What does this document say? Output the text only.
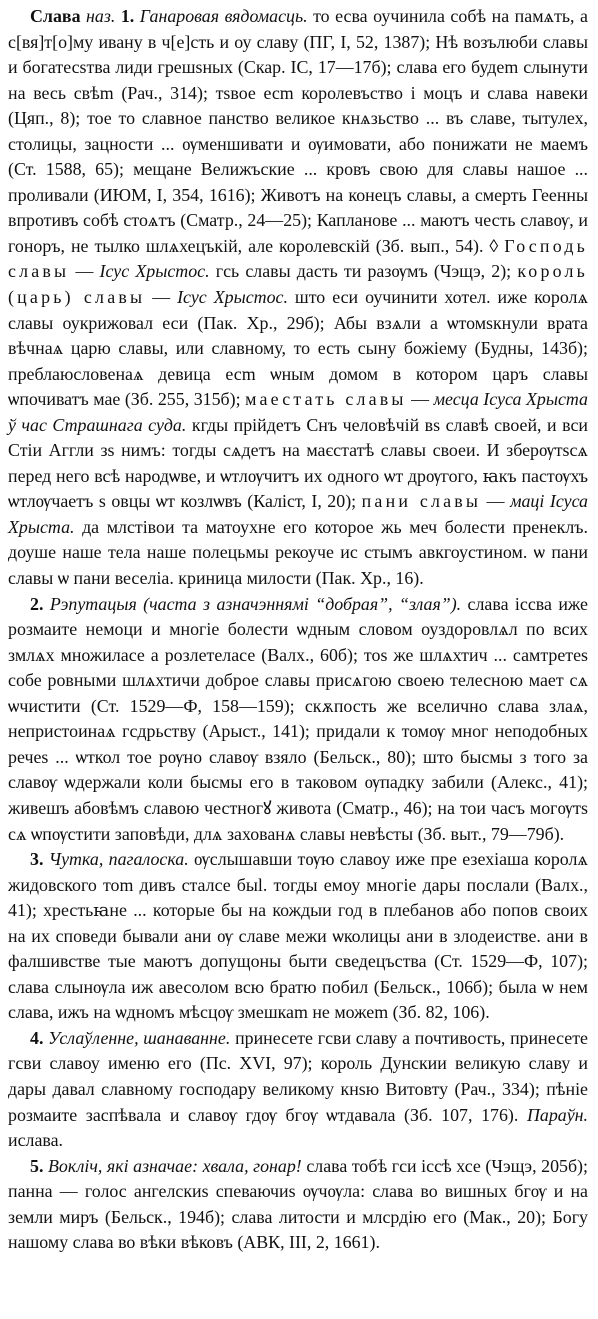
Слава наз. 1. Ганаровая вядомасць. то есва оучинила собѣ на памѧть, а с[вя]т[о]му ивану в ч[е]сть и оу славу (ПГ, I, 52, 1387); Нѣ возълюби славы и богатесѕтва лиди грешѕных (Скар. IС, 17—17б); слава его будеm слынути на весь свѣm (Рач., 314); тѕвое есm королевъство і моцъ и слава навеки (Цяп., 8); тое то славное панство великое кнѧзьство ... въ славе, тытулех, столицы, зацности ... ѹменшивати и ѹимовати, або понижати не маемъ (Ст. 1588, 65); мещане Велижъские ... кровъ свою для славы нашое ... проливали (ИЮМ, I, 354, 1616); Животъ на конецъ славы, а смерть Геенны впротивъ собѣ стоѧтъ (Сматр., 24—25); Капланове ... маютъ честь славѹ, и гоноръ, не тылко шлѧхецъкій, але королевскій (Зб. вып., 54). ◊ Господь славы — Ісус Хрыстос. гсь славы дасть ти разѹмъ (Чэщэ, 2); король (царь) славы — Ісус Хрыстос. што еси оучинити хотел. иже королѧ славы оукрижовал еси (Пак. Хр., 29б); Абы взѧли а ѡтомѕкнули врата вѣчнаѧ царю славы, или славному, то есть сыну божіему (Будны, 143б); преблаюсловенаѧ девица есm ѡным домом в котором царъ славы ѡпочиватъ мае (Зб. 255, 315б); маестать славы — месца Ісуса Хрыста ў час Страшнага суда. кгды прійдетъ Снъ человѣчій вѕ славѣ своей, и вси Стіи Аггли зѕ нимъ: тогды сѧдетъ на маєстатѣ славы своеи. И зберѹтѕсѧ перед него всѣ народѡве, и ѡтлѹчитъ их одного ѡт дрѹгого, ꙗкъ пастѹхъ ѡтлѹчаетъ ѕ овцы ѡт козлѡвъ (Каліст, I, 20); пани славы — маці Ісуса Хрыста. да млстівои та матоухне его которое жь меч болести пренеклъ. доуше наше тела наше полецьмы рекоуче ис стымъ авкгоустином. ѡ пани славы ѡ пани веселіа. криница милости (Пак. Хр., 16).

2. Рэпутацыя (часта з азначэннямі “добрая”, “злая”). слава ісcва иже розмаите немоци и многіе болести ѡдным словом оуздоровлѧл по всих змлѧх множиласе а розлетеласе (Валх., 60б); тоѕ же шлѧхтич ... самтретеѕ собе ровными шлѧхтичи доброе славы присѧгою своею телесною мает сѧ ѡчистити (Ст. 1529—Ф, 158—159); скѫпость же вселично слава злаѧ, непристоинаѧ гсдрьству (Арыст., 141); придали к томѹ мног неподобных речеѕ ... ѡткол тое рѹно славѹ взяло (Бельск., 80); што бысмы з того за славѹ ѡдержали коли бысмы его в таковом ѹпадку забили (Алекс., 41); живешъ абовѣмъ славою честногꙋ живота (Сматр., 46); на тои часъ могѹтѕ сѧ ѡпѹстити заповѣди, длѧ захованѧ славы невѣсты (Зб. выт., 79—79б).

3. Чутка, пагалоска. ѹслышавши тѹю славоу иже пре езехіаша королѧ жидовского тоm дивъ сталсе быl. тогды емоу многіе дары послали (Валх., 41); хрестьꙗне ... которые бы на кождыи год в плебанов або попов своих на их споведи бывали ани ѹ славе межи ѡколицы ани в злодеистве. ани в фалшивстве тые маютъ допущоны быти сведецъства (Ст. 1529—Ф, 107); слава слынѹла иж авесолом всю братю побил (Бельск., 106б); была ѡ нем слава, ижъ на ѡдномъ мѣсцѹ змешкаm не можеm (Зб. 82, 106).

4. Услаўленне, шанаванне. принесете гсви славу а почтивость, принесете гсви славоу именю его (Пс. XVI, 97); король Дунскии великую славу и дары давал славному господару великому кнѕю Витовту (Рач., 334); пѣніе розмаите заспѣвала и славѹ гдѹ бгѹ ѡтдавала (Зб. 107, 176). Параўн. ислава.

5. Вокліч, які азначае: хвала, гонар! слава тобѣ гси ісcѣ хсе (Чэщэ, 205б); панна — голос ангелскиѕ спеваючиѕ ѹчѹла: слава во вишных бгѹ и на земли миръ (Бельск., 194б); слава литости и млсрдію его (Мак., 20); Богу нашому слава во вѣки вѣковъ (АВК, III, 2, 1661).
